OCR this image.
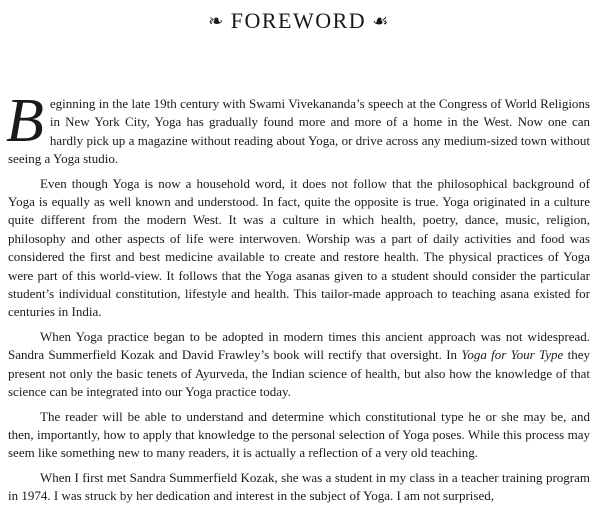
❧ FOREWORD ☙

Beginning in the late 19th century with Swami Vivekananda’s speech at the Congress of World Religions in New York City, Yoga has gradually found more and more of a home in the West. Now one can hardly pick up a magazine without reading about Yoga, or drive across any medium-sized town without seeing a Yoga studio.

Even though Yoga is now a household word, it does not follow that the philosophical background of Yoga is equally as well known and understood. In fact, quite the opposite is true. Yoga originated in a culture quite different from the modern West. It was a culture in which health, poetry, dance, music, religion, philosophy and other aspects of life were interwoven. Worship was a part of daily activities and food was considered the first and best medicine available to create and restore health. The physical practices of Yoga were part of this world-view. It follows that the Yoga asanas given to a student should consider the particular student’s individual constitution, lifestyle and health. This tailor-made approach to teaching asana existed for centuries in India.

When Yoga practice began to be adopted in modern times this ancient approach was not widespread. Sandra Summerfield Kozak and David Frawley’s book will rectify that oversight. In Yoga for Your Type they present not only the basic tenets of Ayurveda, the Indian science of health, but also how the knowledge of that science can be integrated into our Yoga practice today.

The reader will be able to understand and determine which constitutional type he or she may be, and then, importantly, how to apply that knowledge to the personal selection of Yoga poses. While this process may seem like something new to many readers, it is actually a reflection of a very old teaching.

When I first met Sandra Summerfield Kozak, she was a student in my class in a teacher training program in 1974. I was struck by her dedication and interest in the subject of Yoga. I am not surprised,
